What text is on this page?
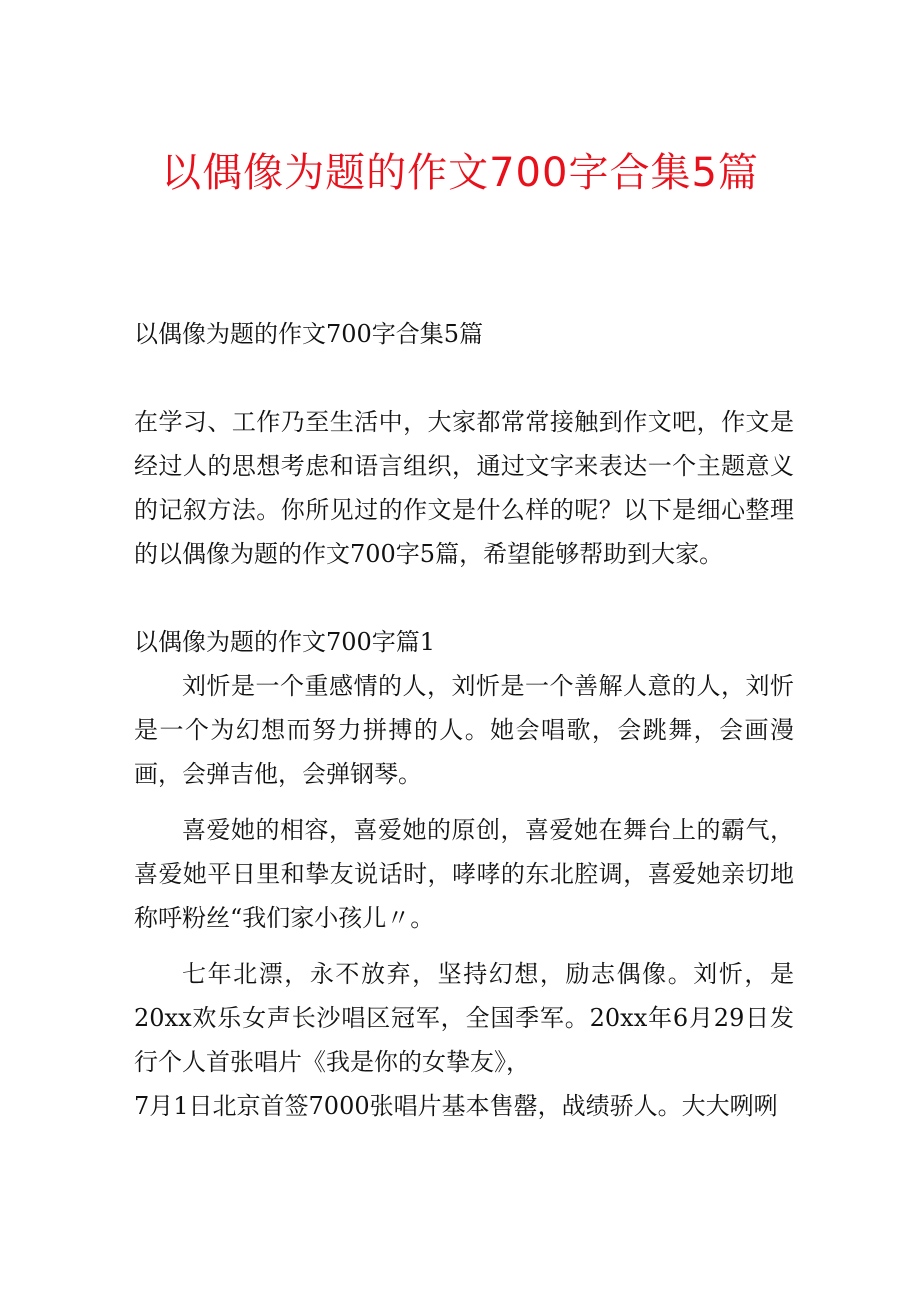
以偶像为题的作文700字合集5篇

以偶像为题的作文700字合集5篇

在学习、工作乃至生活中，大家都常常接触到作文吧，作文是经过人的思想考虑和语言组织，通过文字来表达一个主题意义的记叙方法。你所见过的作文是什么样的呢？以下是细心整理的以偶像为题的作文700字5篇，希望能够帮助到大家。

以偶像为题的作文700字篇1

刘忻是一个重感情的人，刘忻是一个善解人意的人，刘忻是一个为幻想而努力拼搏的人。她会唱歌，会跳舞，会画漫画，会弹吉他，会弹钢琴。

喜爱她的相容，喜爱她的原创，喜爱她在舞台上的霸气，喜爱她平日里和挚友说话时，哮哮的东北腔调，喜爱她亲切地称呼粉丝“我们家小孩儿〃。

七年北漂，永不放弃，坚持幻想，励志偶像。刘忻，是20xx欢乐女声长沙唱区冠军，全国季军。20xx年6月29日发行个人首张唱片《我是你的女挚友》，

7月1日北京首签7000张唱片基本售罄，战绩骄人。大大咧咧
